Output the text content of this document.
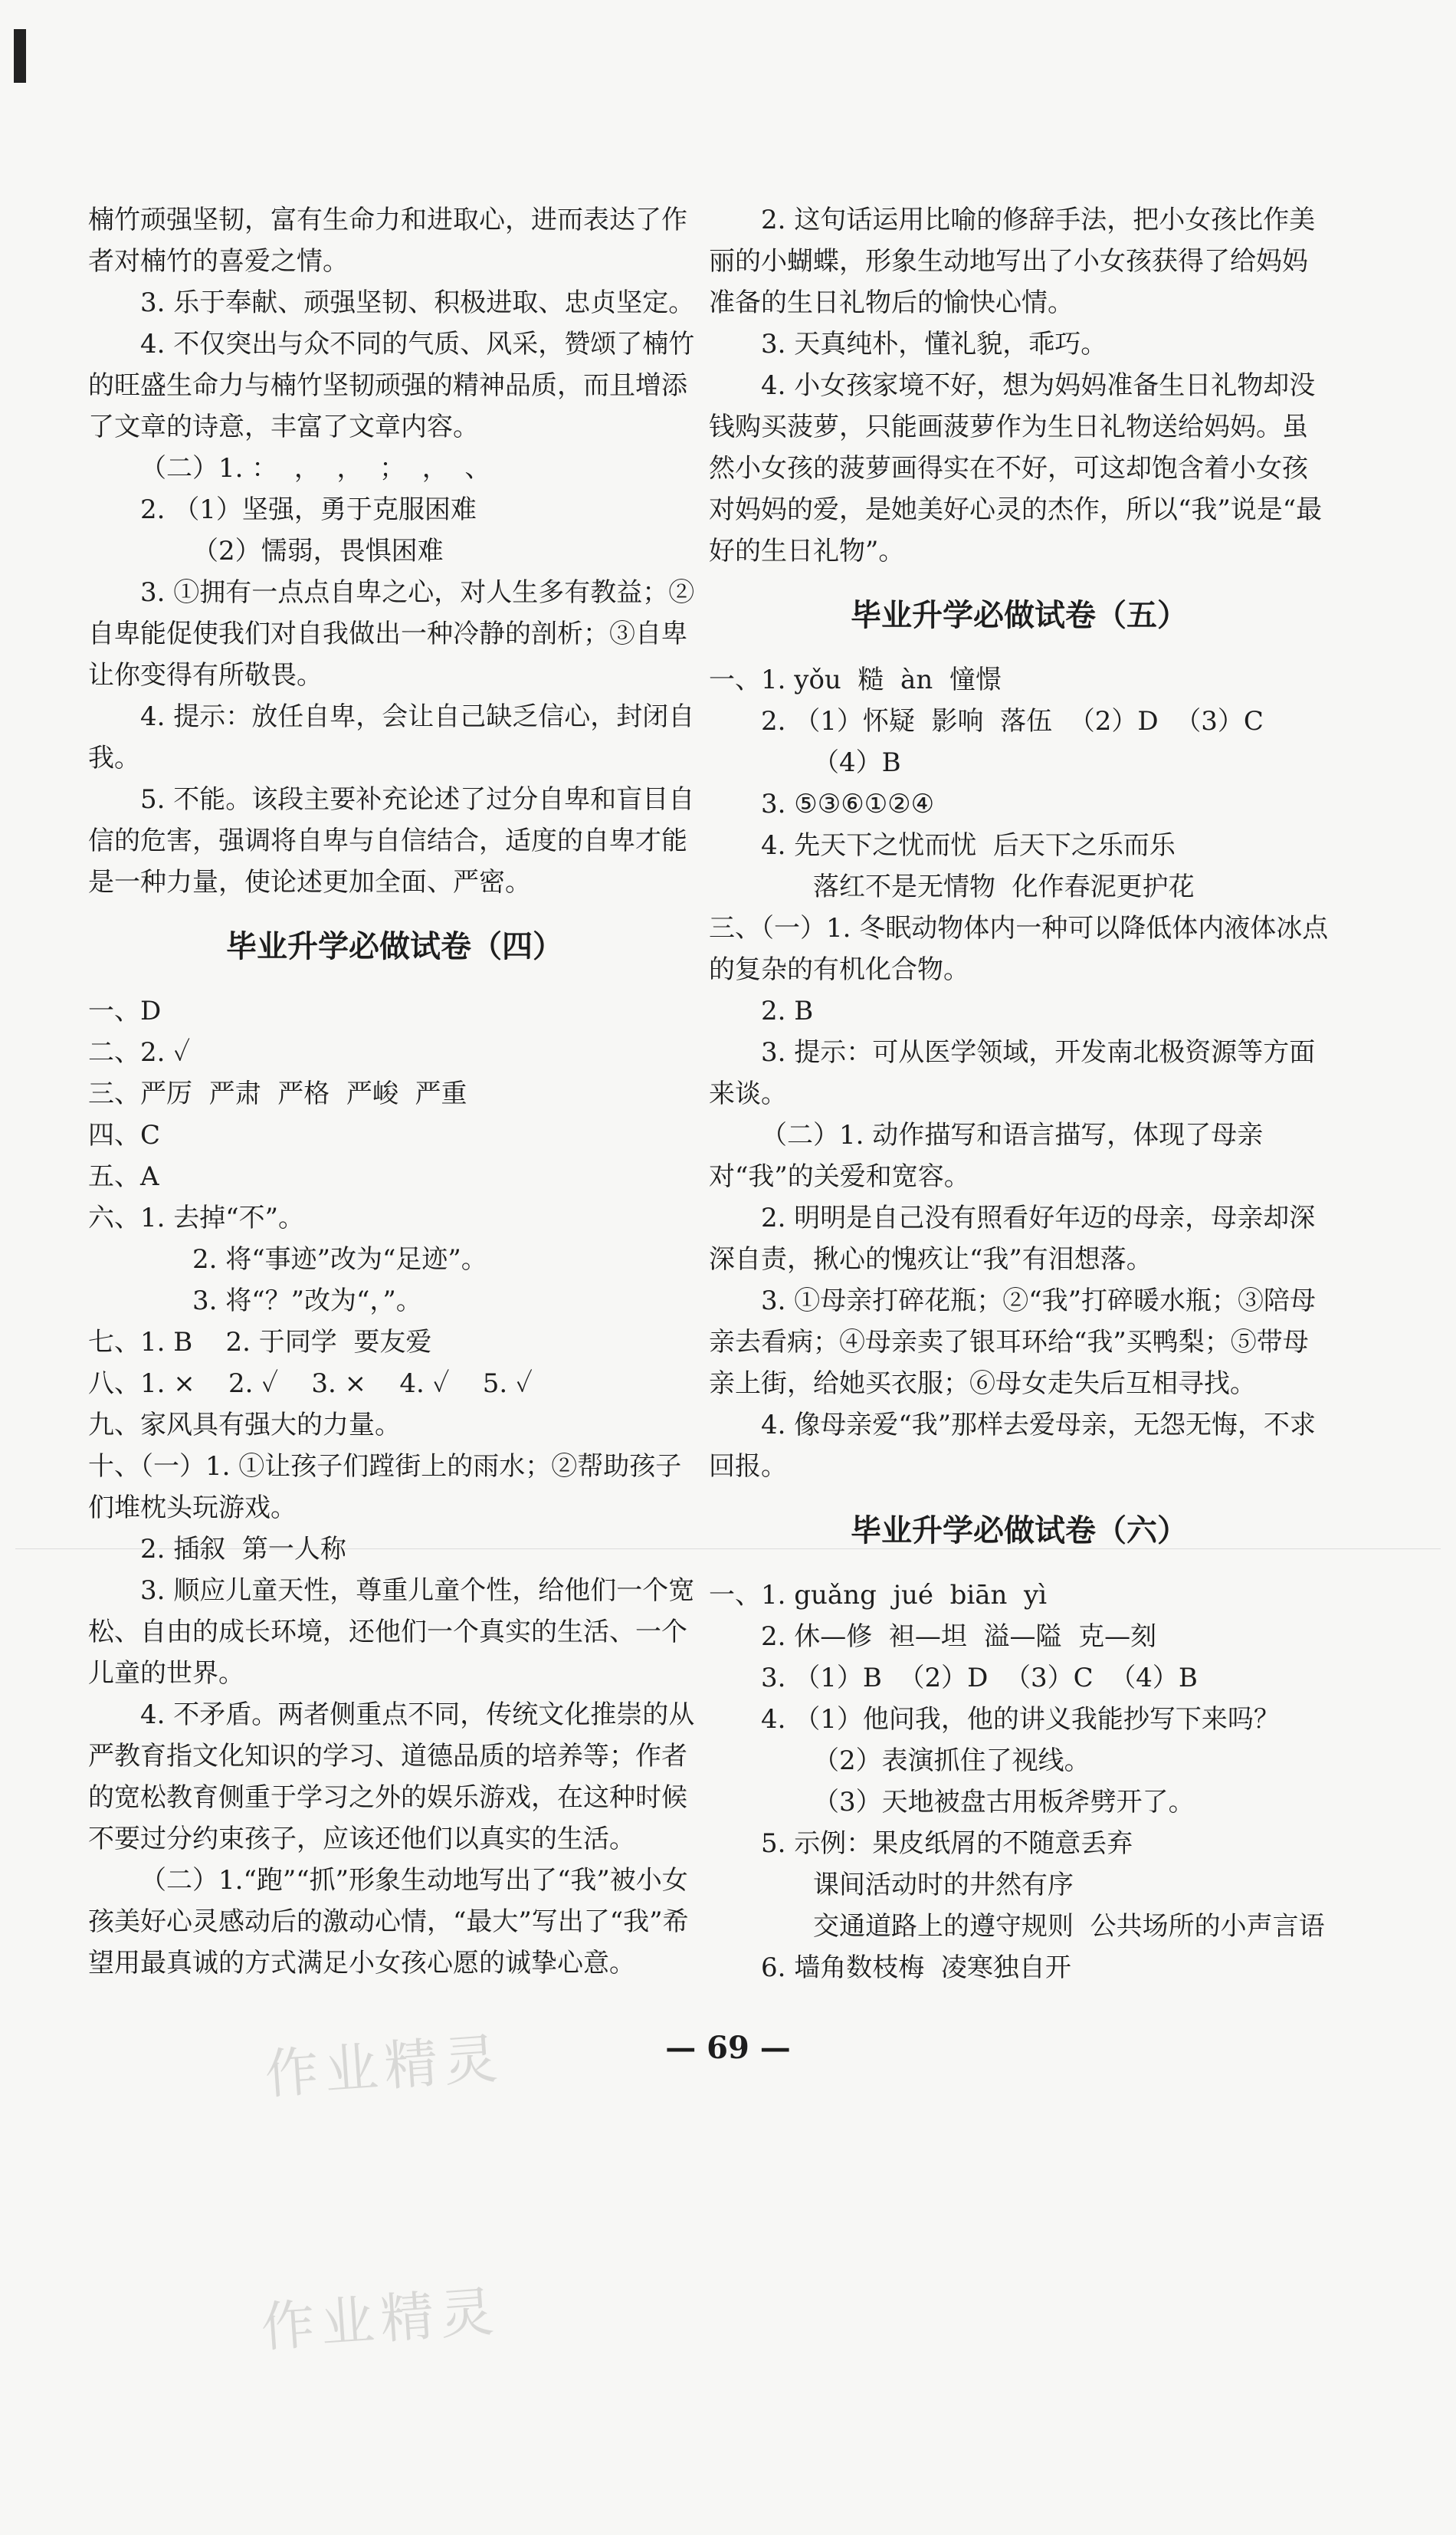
楠竹顽强坚韧，富有生命力和进取心，进而表达了作者对楠竹的喜爱之情。

3. 乐于奉献、顽强坚韧、积极进取、忠贞坚定。

4. 不仅突出与众不同的气质、风采，赞颂了楠竹的旺盛生命力与楠竹坚韧顽强的精神品质，而且增添了文章的诗意，丰富了文章内容。

（二）1. ：  ，  ，  ；  ，  、

2. （1）坚强，勇于克服困难

（2）懦弱，畏惧困难

3. ①拥有一点点自卑之心，对人生多有教益；②自卑能促使我们对自我做出一种冷静的剖析；③自卑让你变得有所敬畏。

4. 提示：放任自卑，会让自己缺乏信心，封闭自我。

5. 不能。该段主要补充论述了过分自卑和盲目自信的危害，强调将自卑与自信结合，适度的自卑才能是一种力量，使论述更加全面、严密。

毕业升学必做试卷（四）

一、D

二、2. ✓

三、严厉  严肃  严格  严峻  严重

四、C

五、A

六、1. 去掉“不”。

2. 将“事迹”改为“足迹”。

3. 将“？”改为“，”。

七、1. B    2. 于同学  要友爱

八、1. ×    2. ✓    3. ×    4. ✓    5. ✓

九、家风具有强大的力量。

十、（一）1. ①让孩子们蹚街上的雨水；②帮助孩子们堆枕头玩游戏。

2. 插叙  第一人称

3. 顺应儿童天性，尊重儿童个性，给他们一个宽松、自由的成长环境，还他们一个真实的生活、一个儿童的世界。

4. 不矛盾。两者侧重点不同，传统文化推崇的从严教育指文化知识的学习、道德品质的培养等；作者的宽松教育侧重于学习之外的娱乐游戏，在这种时候不要过分约束孩子，应该还他们以真实的生活。

（二）1.“跑”“抓”形象生动地写出了“我”被小女孩美好心灵感动后的激动心情，“最大”写出了“我”希望用最真诚的方式满足小女孩心愿的诚挚心意。

2. 这句话运用比喻的修辞手法，把小女孩比作美丽的小蝴蝶，形象生动地写出了小女孩获得了给妈妈准备的生日礼物后的愉快心情。

3. 天真纯朴，懂礼貌，乖巧。

4. 小女孩家境不好，想为妈妈准备生日礼物却没钱购买菠萝，只能画菠萝作为生日礼物送给妈妈。虽然小女孩的菠萝画得实在不好，可这却饱含着小女孩对妈妈的爱，是她美好心灵的杰作，所以“我”说是“最好的生日礼物”。

毕业升学必做试卷（五）

一、1. yǒu  糙  àn  憧憬

2. （1）怀疑  影响  落伍  （2）D  （3）C

（4）B

3. ⑤③⑥①②④

4. 先天下之忧而忧  后天下之乐而乐

落红不是无情物  化作春泥更护花

三、（一）1. 冬眠动物体内一种可以降低体内液体冰点的复杂的有机化合物。

2. B

3. 提示：可从医学领域，开发南北极资源等方面来谈。

（二）1. 动作描写和语言描写，体现了母亲对“我”的关爱和宽容。

2. 明明是自己没有照看好年迈的母亲，母亲却深深自责，揪心的愧疚让“我”有泪想落。

3. ①母亲打碎花瓶；②“我”打碎暖水瓶；③陪母亲去看病；④母亲卖了银耳环给“我”买鸭梨；⑤带母亲上街，给她买衣服；⑥母女走失后互相寻找。

4. 像母亲爱“我”那样去爱母亲，无怨无悔，不求回报。

毕业升学必做试卷（六）

一、1. guǎng  jué  biān  yì

2. 休—修  袒—坦  溢—隘  克—刻

3. （1）B  （2）D  （3）C  （4）B

4. （1）他问我，他的讲义我能抄写下来吗？

（2）表演抓住了视线。

（3）天地被盘古用板斧劈开了。

5. 示例：果皮纸屑的不随意丢弃

课间活动时的井然有序

交通道路上的遵守规则  公共场所的小声言语

6. 墙角数枝梅  凌寒独自开

作业精灵
作业精灵
— 69 —
